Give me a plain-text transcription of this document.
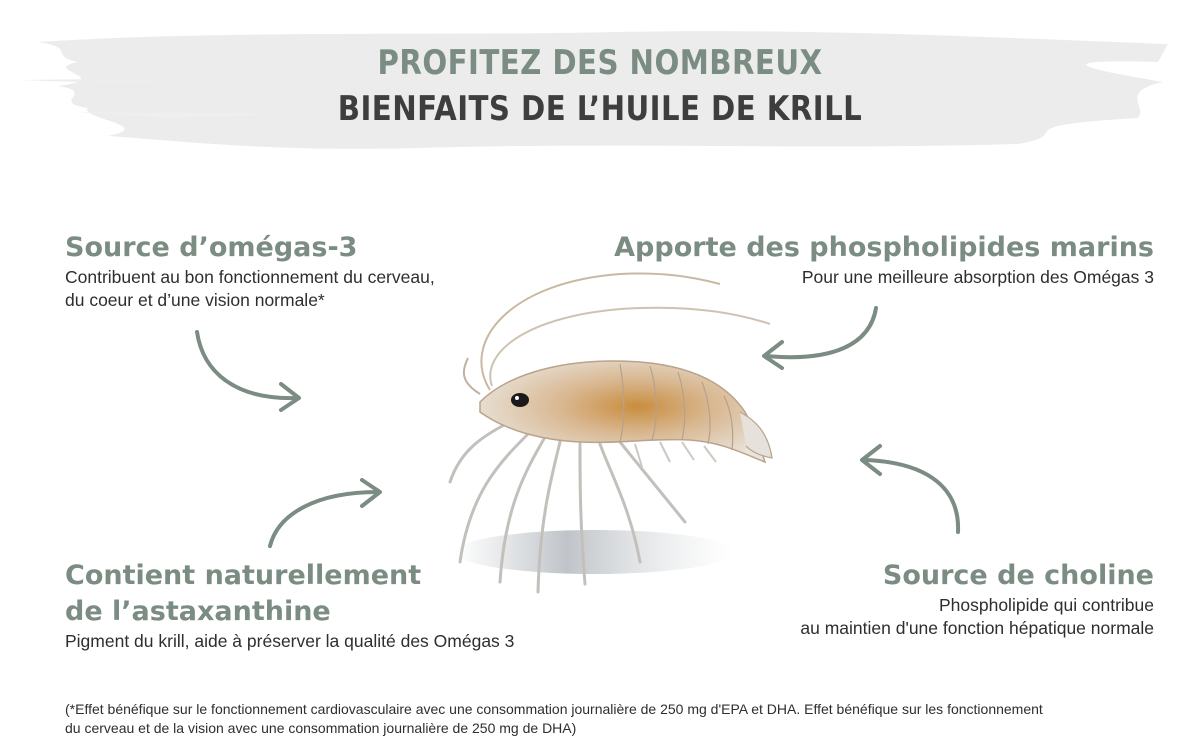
PROFITEZ DES NOMBREUX
BIENFAITS DE L’HUILE DE KRILL
Source d’omégas-3

Contribuent au bon fonctionnement du cerveau,

du coeur et d’une vision normale*

Apporte des phospholipides marins

Pour une meilleure absorption des Omégas 3

Contient naturellement
de l’astaxanthine

Pigment du krill, aide à préserver la qualité des Omégas 3

Source de choline

Phospholipide qui contribue

au maintien d'une fonction hépatique normale

(*Effet bénéfique sur le fonctionnement cardiovasculaire avec une consommation journalière de 250 mg d'EPA et DHA. Effet bénéfique sur les fonctionnement
du cerveau et de la vision avec une consommation journalière de 250 mg de DHA)
